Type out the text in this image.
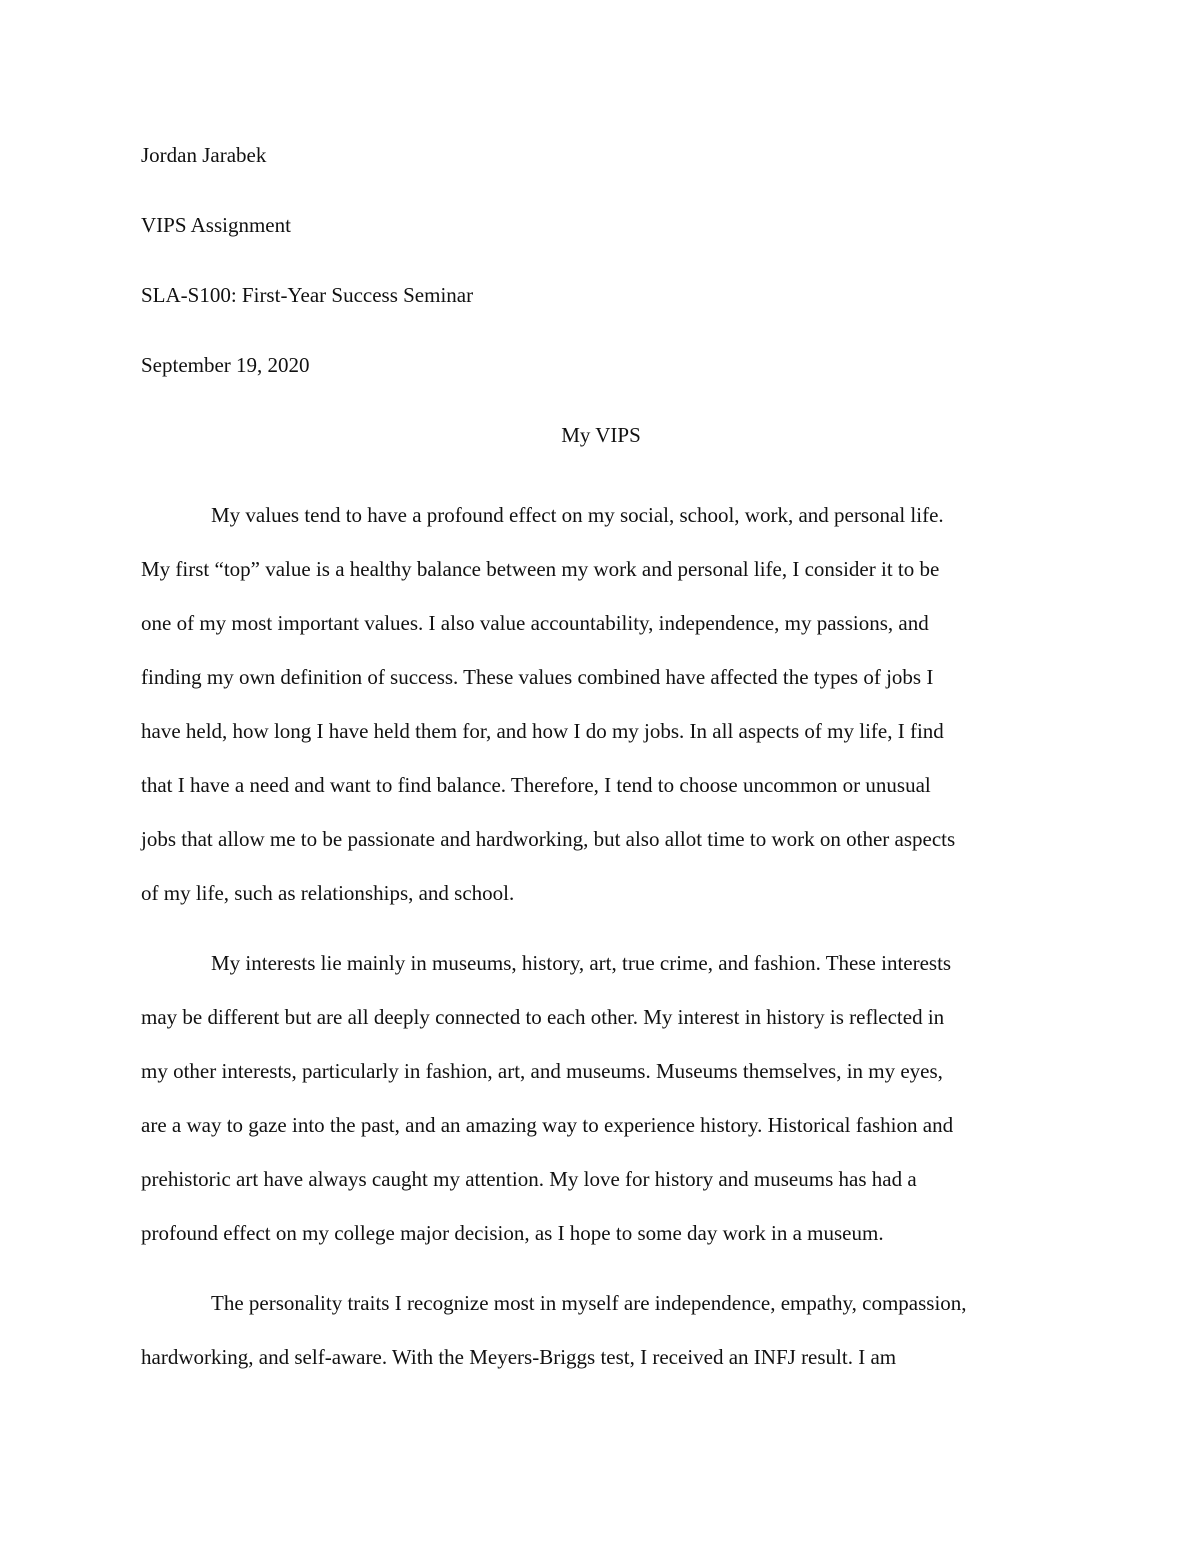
Jordan Jarabek
VIPS Assignment
SLA-S100: First-Year Success Seminar
September 19, 2020
My VIPS
My values tend to have a profound effect on my social, school, work, and personal life.
My first “top” value is a healthy balance between my work and personal life, I consider it to be
one of my most important values. I also value accountability, independence, my passions, and
finding my own definition of success. These values combined have affected the types of jobs I
have held, how long I have held them for, and how I do my jobs. In all aspects of my life, I find
that I have a need and want to find balance. Therefore, I tend to choose uncommon or unusual
jobs that allow me to be passionate and hardworking, but also allot time to work on other aspects
of my life, such as relationships, and school.
My interests lie mainly in museums, history, art, true crime, and fashion. These interests
may be different but are all deeply connected to each other. My interest in history is reflected in
my other interests, particularly in fashion, art, and museums. Museums themselves, in my eyes,
are a way to gaze into the past, and an amazing way to experience history. Historical fashion and
prehistoric art have always caught my attention. My love for history and museums has had a
profound effect on my college major decision, as I hope to some day work in a museum.
The personality traits I recognize most in myself are independence, empathy, compassion,
hardworking, and self-aware. With the Meyers-Briggs test, I received an INFJ result. I am
